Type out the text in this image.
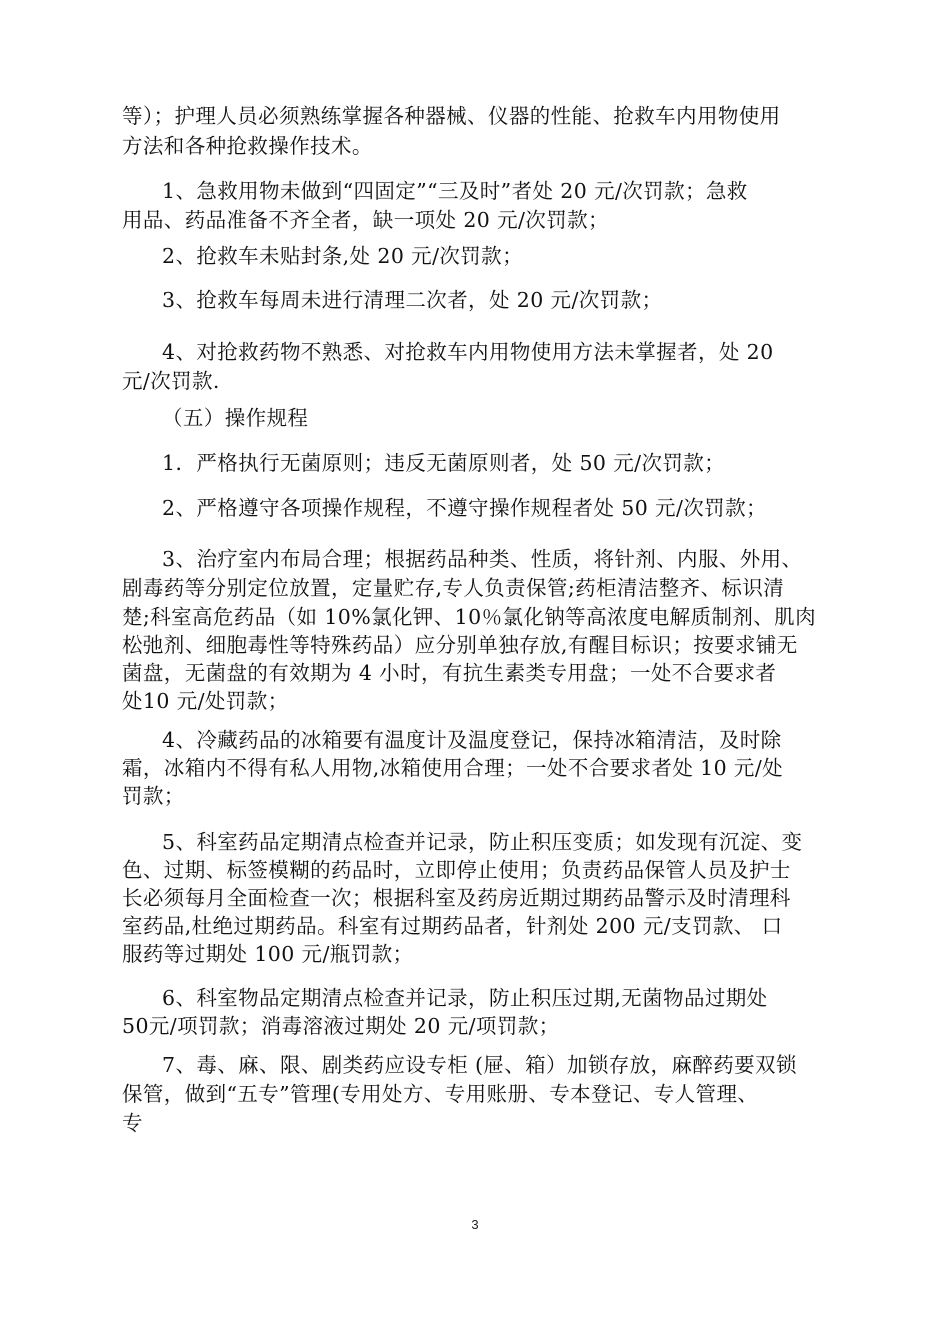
等）；护理人员必须熟练掌握各种器械、仪器的性能、抢救车内用物使用
方法和各种抢救操作技术。
1、急救用物未做到“四固定”“三及时”者处 20 元/次罚款；急救
用品、药品准备不齐全者，缺一项处 20 元/次罚款；
2、抢救车未贴封条,处 20 元/次罚款；
3、抢救车每周未进行清理二次者，处 20 元/次罚款；
4、对抢救药物不熟悉、对抢救车内用物使用方法未掌握者，处 20
元/次罚款.
（五）操作规程
1．严格执行无菌原则；违反无菌原则者，处 50 元/次罚款；
2、严格遵守各项操作规程，不遵守操作规程者处 50 元/次罚款；
3、治疗室内布局合理；根据药品种类、性质，将针剂、内服、外用、
剧毒药等分别定位放置，定量贮存,专人负责保管;药柜清洁整齐、标识清
楚;科室高危药品（如 10%氯化钾、10％氯化钠等高浓度电解质制剂、肌肉
松弛剂、细胞毒性等特殊药品）应分别单独存放,有醒目标识；按要求铺无
菌盘，无菌盘的有效期为 4 小时，有抗生素类专用盘；一处不合要求者
处10 元/处罚款；
4、冷藏药品的冰箱要有温度计及温度登记，保持冰箱清洁，及时除
霜，冰箱内不得有私人用物,冰箱使用合理；一处不合要求者处 10 元/处
罚款；
5、科室药品定期清点检查并记录，防止积压变质；如发现有沉淀、变
色、过期、标签模糊的药品时，立即停止使用；负责药品保管人员及护士
长必须每月全面检查一次；根据科室及药房近期过期药品警示及时清理科
室药品,杜绝过期药品。科室有过期药品者，针剂处 200 元/支罚款、 口
服药等过期处 100 元/瓶罚款；
6、科室物品定期清点检查并记录，防止积压过期,无菌物品过期处
50元/项罚款；消毒溶液过期处 20 元/项罚款；
7、毒、麻、限、剧类药应设专柜 (屉、箱）加锁存放，麻醉药要双锁
保管，做到“五专”管理(专用处方、专用账册、专本登记、专人管理、
专
3
